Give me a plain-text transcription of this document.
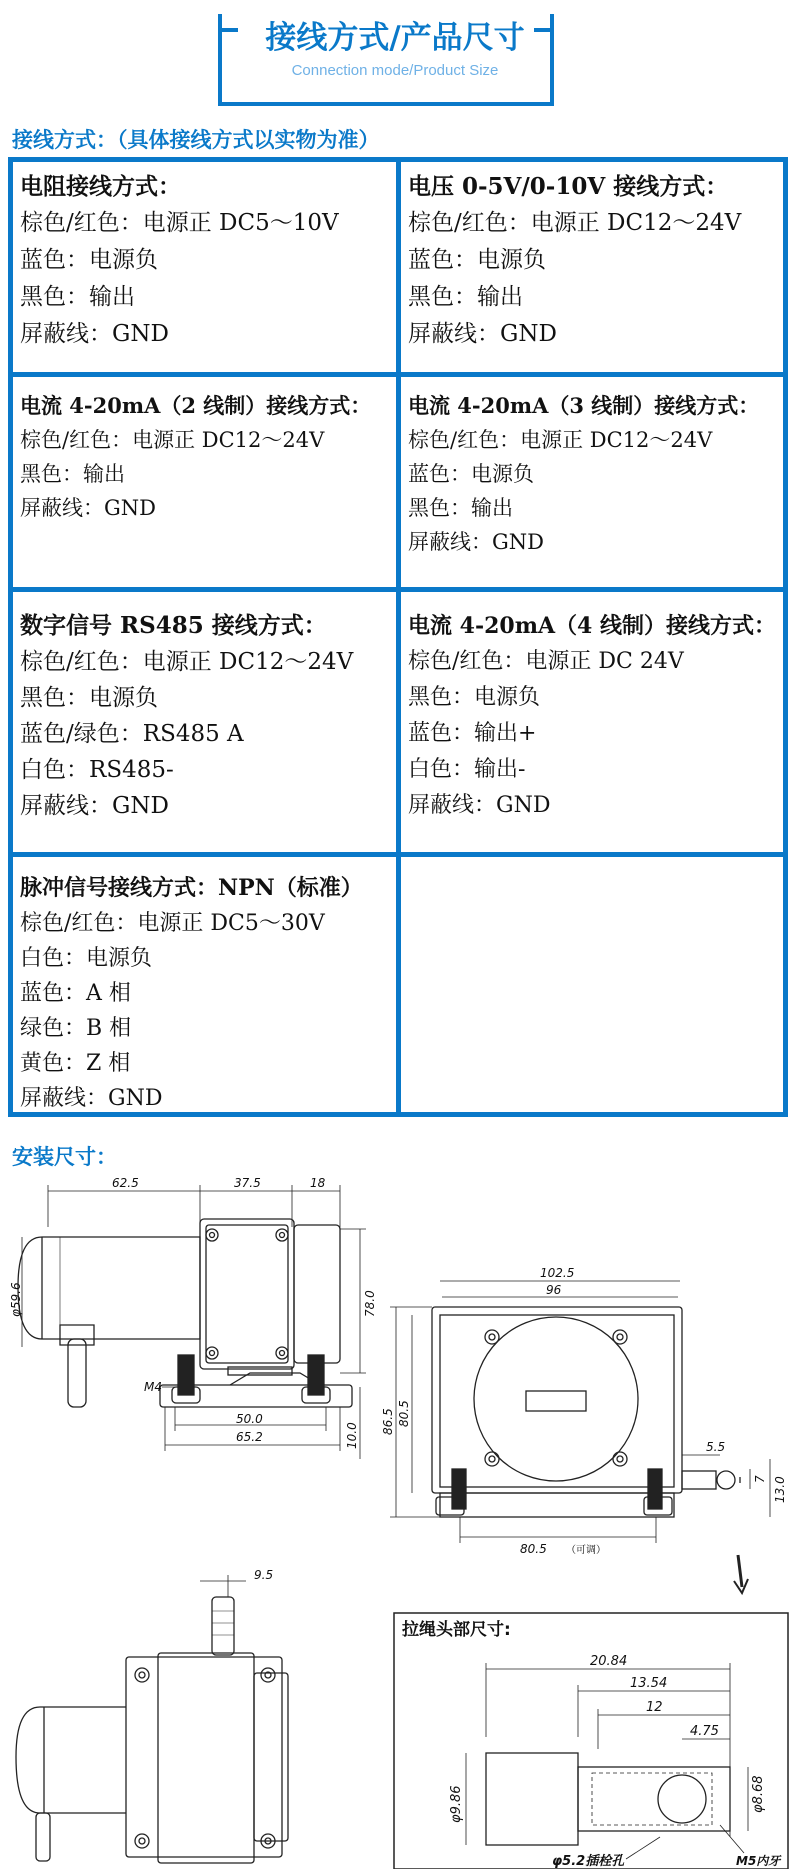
接线方式/产品尺寸
Connection mode/Product Size
接线方式：（具体接线方式以实物为准）
电阻接线方式：
棕色/红色：电源正 DC5～10V
蓝色：电源负
黑色：输出
屏蔽线：GND
电压 0-5V/0-10V 接线方式：
棕色/红色：电源正 DC12～24V
蓝色：电源负
黑色：输出
屏蔽线：GND
电流 4-20mA（2 线制）接线方式：
棕色/红色：电源正 DC12～24V
黑色：输出
屏蔽线：GND
电流 4-20mA（3 线制）接线方式：
棕色/红色：电源正 DC12～24V
蓝色：电源负
黑色：输出
屏蔽线：GND
数字信号 RS485 接线方式：
棕色/红色：电源正 DC12～24V
黑色：电源负
蓝色/绿色：RS485 A
白色：RS485-
屏蔽线：GND
电流 4-20mA（4 线制）接线方式：
棕色/红色：电源正 DC 24V
黑色：电源负
蓝色：输出+
白色：输出-
屏蔽线：GND
脉冲信号接线方式：NPN（标准）
棕色/红色：电源正 DC5～30V
白色：电源负
蓝色：A 相
绿色：B 相
黄色：Z 相
屏蔽线：GND
安装尺寸：
62.5	37.5	18
φ59.6	78.0
M4
50.0
65.2	10.0
102.5
96
86.5 80.5
5.5
7 13.0
80.5 （可调）
9.5
拉绳头部尺寸:
20.84
13.54
12
4.75
φ9.86	φ8.68
φ5.2插栓孔	M5内牙
